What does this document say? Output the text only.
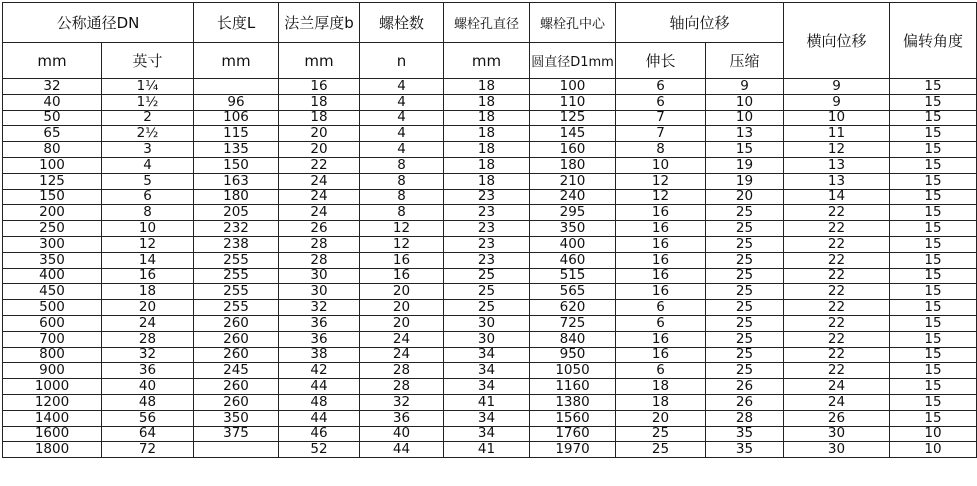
公称通径DN		长度L	法兰厚度b	螺栓数	螺栓孔直径	螺栓孔中心	轴向位移		横向位移	偏转角度
mm	英寸	mm	mm	n	mm	圆直径D1mm	伸长	压缩		
32	1¼		16	4	18	100	6	9	9	15
40	1½	96	18	4	18	110	6	10	9	15
50	2	106	18	4	18	125	7	10	10	15
65	2½	115	20	4	18	145	7	13	11	15
80	3	135	20	4	18	160	8	15	12	15
100	4	150	22	8	18	180	10	19	13	15
125	5	163	24	8	18	210	12	19	13	15
150	6	180	24	8	23	240	12	20	14	15
200	8	205	24	8	23	295	16	25	22	15
250	10	232	26	12	23	350	16	25	22	15
300	12	238	28	12	23	400	16	25	22	15
350	14	255	28	16	23	460	16	25	22	15
400	16	255	30	16	25	515	16	25	22	15
450	18	255	30	20	25	565	16	25	22	15
500	20	255	32	20	25	620	6	25	22	15
600	24	260	36	20	30	725	6	25	22	15
700	28	260	36	24	30	840	16	25	22	15
800	32	260	38	24	34	950	16	25	22	15
900	36	245	42	28	34	1050	6	25	22	15
1000	40	260	44	28	34	1160	18	26	24	15
1200	48	260	48	32	41	1380	18	26	24	15
1400	56	350	44	36	34	1560	20	28	26	15
1600	64	375	46	40	34	1760	25	35	30	10
1800	72		52	44	41	1970	25	35	30	10
